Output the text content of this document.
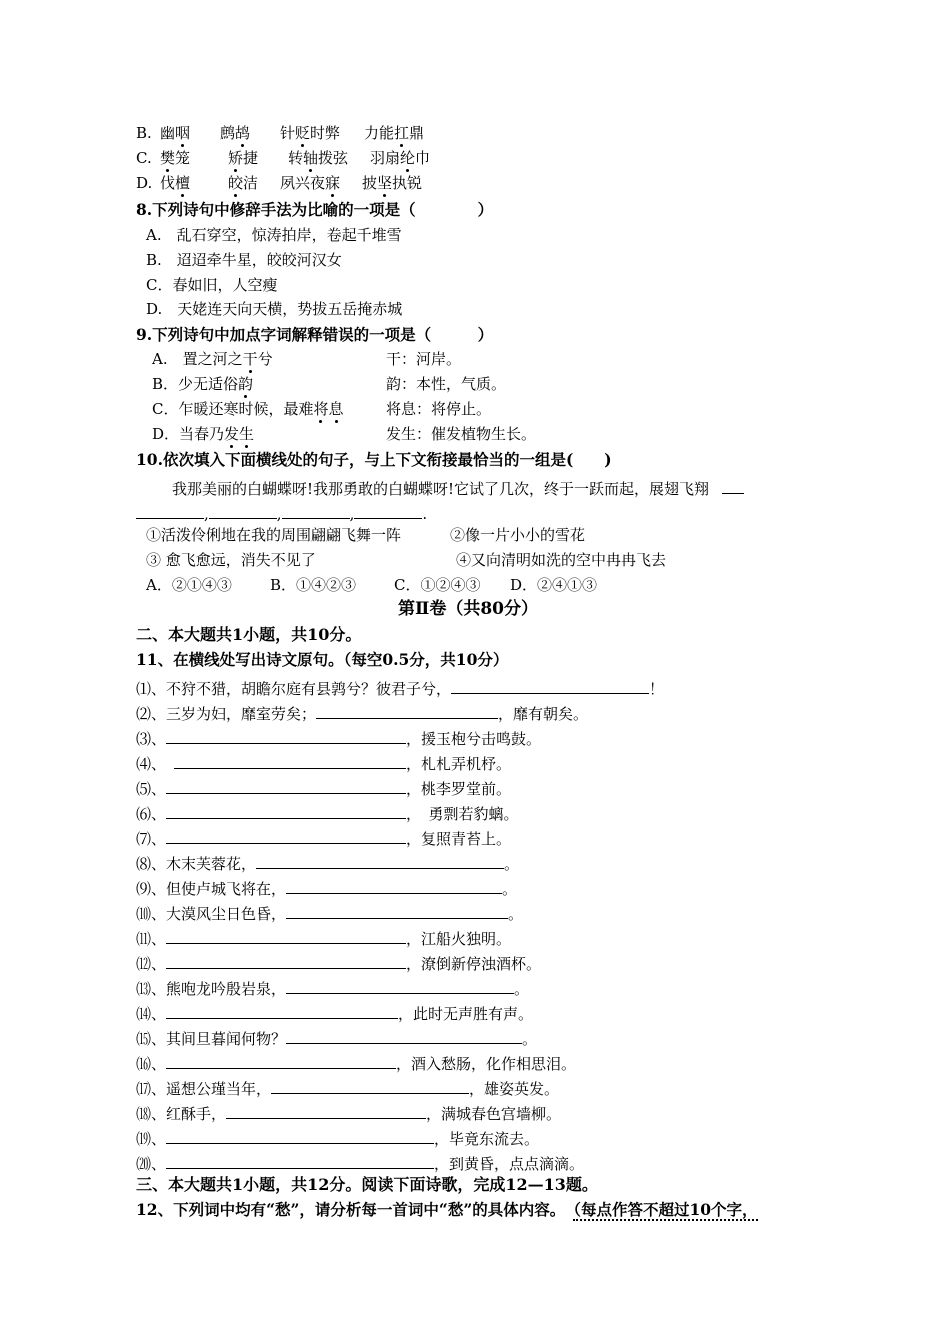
B. 幽咽 鹧鸪 针贬时弊 力能扛鼎
C. 樊笼	矫捷 转轴拨弦 羽扇纶巾
D. 伐檀	皎洁 夙兴夜寐 披坚执锐
8.下列诗句中修辞手法为比喻的一项是（　　　　）
A.　乱石穿空，惊涛拍岸，卷起千堆雪
B.　迢迢牵牛星，皎皎河汉女
C．春如旧，人空瘦
D.　天姥连天向天横，势拔五岳掩赤城
9.下列诗句中加点字词解释错误的一项是（　　　）
A.　置之河之干兮	干：河岸。
B．少无适俗韵	韵：本性，气质。
C．乍暖还寒时候，最难将息	将息：将停止。
D．当春乃发生	发生：催发植物生长。
10.依次填入下面横线处的句子，与上下文衔接最恰当的一组是(　　)
我那美丽的白蝴蝶呀!我那勇敢的白蝴蝶呀!它试了几次，终于一跃而起，展翅飞翔
,	,	,	.
①活泼伶俐地在我的周围翩翩飞舞一阵	②像一片小小的雪花
③ 愈飞愈远，消失不见了	④又向清明如洗的空中冉冉飞去
A．②①④③	B．①④②③	C．①②④③ D．②④①③
第Ⅱ卷（共80分）
二、本大题共1小题，共10分。
11、在横线处写出诗文原句。（每空0.5分，共10分）
⑴、不狩不猎，胡瞻尔庭有县鹑兮？彼君子兮，	！
⑵、三岁为妇，靡室劳矣；	，靡有朝矣。
⑶、	，援玉枹兮击鸣鼓。
⑷、	，札札弄机杼。
⑸、	，桃李罗堂前。
⑹、	，　勇剽若豹螭。
⑺、	，复照青苔上。
⑻、木末芙蓉花，	。
⑼、但使卢城飞将在，	。
⑽、大漠风尘日色昏，	。
⑾、	，江船火独明。
⑿、	，潦倒新停浊酒杯。
⒀、熊咆龙吟殷岩泉，	。
⒁、	，此时无声胜有声。
⒂、其间旦暮闻何物？	。
⒃、	，酒入愁肠，化作相思泪。
⒄、遥想公瑾当年，	，雄姿英发。
⒅、红酥手，	，满城春色宫墙柳。
⒆、	，毕竟东流去。
⒇、	，到黄昏，点点滴滴。
三、本大题共1小题，共12分。阅读下面诗歌，完成12—13题。
12、下列词中均有“愁”，请分析每一首词中“愁”的具体内容。 （每点作答不超过10个字，
